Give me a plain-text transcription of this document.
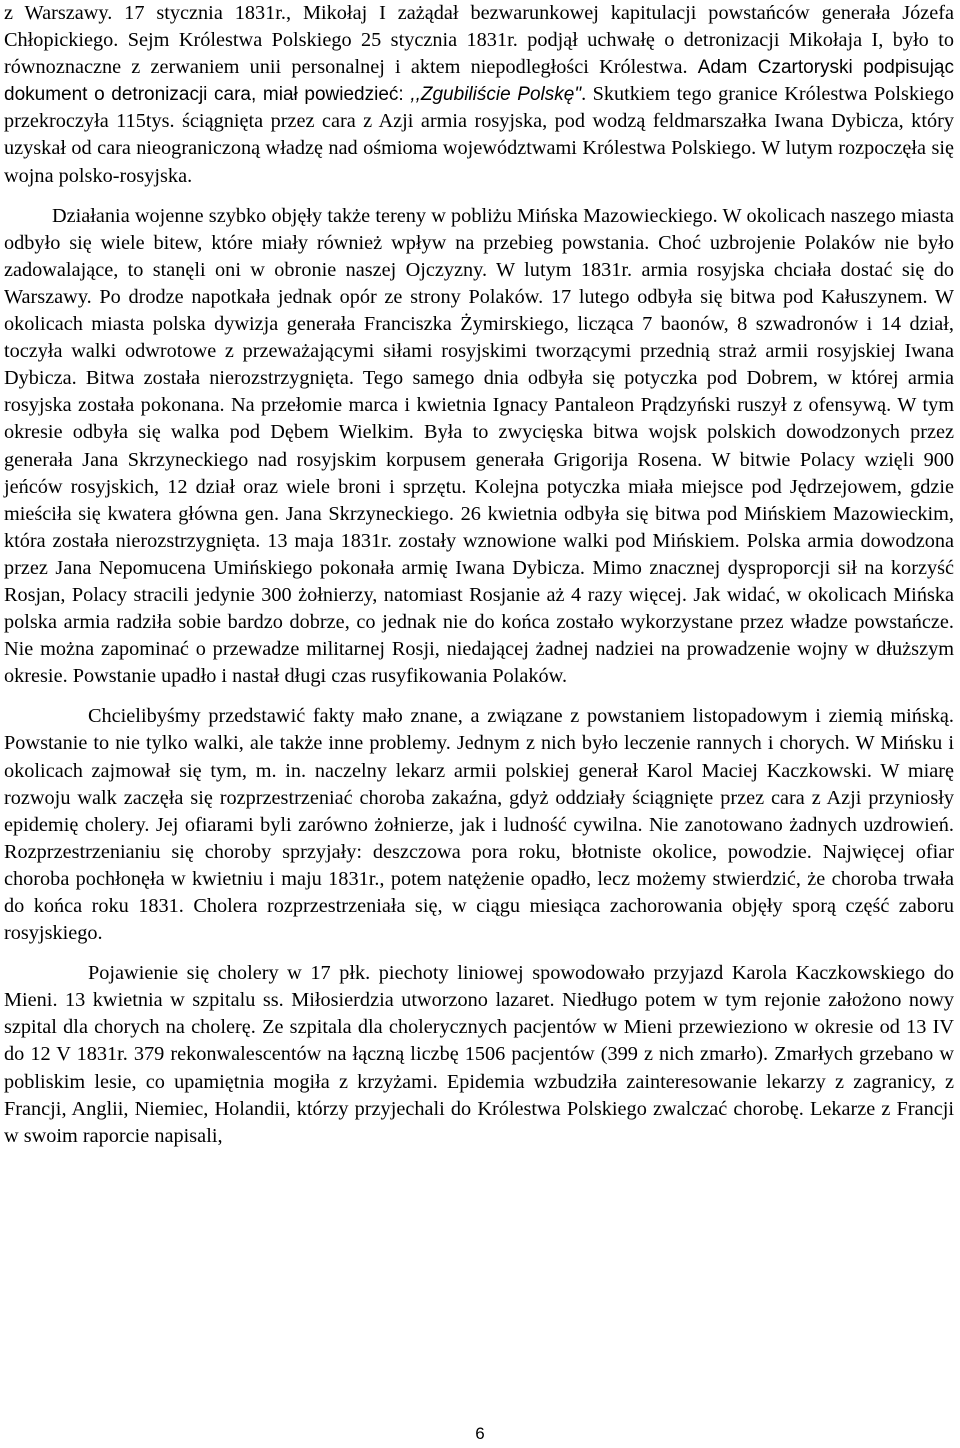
z Warszawy. 17 stycznia 1831r., Mikołaj I zażądał bezwarunkowej kapitulacji powstańców generała Józefa Chłopickiego. Sejm Królestwa Polskiego 25 stycznia 1831r. podjął uchwałę o detronizacji Mikołaja I, było to równoznaczne z zerwaniem unii personalnej i aktem niepodległości Królestwa. Adam Czartoryski podpisując dokument o detronizacji cara, miał powiedzieć: ,,Zgubiliście Polskę". Skutkiem tego granice Królestwa Polskiego przekroczyła 115tys. ściągnięta przez cara z Azji armia rosyjska, pod wodzą feldmarszałka Iwana Dybicza, który uzyskał od cara nieograniczoną władzę nad ośmioma województwami Królestwa Polskiego. W lutym rozpoczęła się wojna polsko-rosyjska.

Działania wojenne szybko objęły także tereny w pobliżu Mińska Mazowieckiego. W okolicach naszego miasta odbyło się wiele bitew, które miały również wpływ na przebieg powstania. Choć uzbrojenie Polaków nie było zadowalające, to stanęli oni w obronie naszej Ojczyzny. W lutym 1831r. armia rosyjska chciała dostać się do Warszawy. Po drodze napotkała jednak opór ze strony Polaków. 17 lutego odbyła się bitwa pod Kałuszynem. W okolicach miasta polska dywizja generała Franciszka Żymirskiego, licząca 7 baonów, 8 szwadronów i 14 dział, toczyła walki odwrotowe z przeważającymi siłami rosyjskimi tworzącymi przednią straż armii rosyjskiej Iwana Dybicza. Bitwa została nierozstrzygnięta. Tego samego dnia odbyła się potyczka pod Dobrem, w której armia rosyjska została pokonana. Na przełomie marca i kwietnia Ignacy Pantaleon Prądzyński ruszył z ofensywą. W tym okresie odbyła się walka pod Dębem Wielkim. Była to zwycięska bitwa wojsk polskich dowodzonych przez generała Jana Skrzyneckiego nad rosyjskim korpusem generała Grigorija Rosena. W bitwie Polacy wzięli 900 jeńców rosyjskich, 12 dział oraz wiele broni i sprzętu. Kolejna potyczka miała miejsce pod Jędrzejowem, gdzie mieściła się kwatera główna gen. Jana Skrzyneckiego. 26 kwietnia odbyła się bitwa pod Mińskiem Mazowieckim, która została nierozstrzygnięta. 13 maja 1831r. zostały wznowione walki pod Mińskiem. Polska armia dowodzona przez Jana Nepomucena Umińskiego pokonała armię Iwana Dybicza. Mimo znacznej dysproporcji sił na korzyść Rosjan, Polacy stracili jedynie 300 żołnierzy, natomiast Rosjanie aż 4 razy więcej. Jak widać, w okolicach Mińska polska armia radziła sobie bardzo dobrze, co jednak nie do końca zostało wykorzystane przez władze powstańcze. Nie można zapominać o przewadze militarnej Rosji, niedającej żadnej nadziei na prowadzenie wojny w dłuższym okresie. Powstanie upadło i nastał długi czas rusyfikowania Polaków.

Chcielibyśmy przedstawić fakty mało znane, a związane z powstaniem listopadowym i ziemią mińską. Powstanie to nie tylko walki, ale także inne problemy. Jednym z nich było leczenie rannych i chorych. W Mińsku i okolicach zajmował się tym, m. in. naczelny lekarz armii polskiej generał Karol Maciej Kaczkowski. W miarę rozwoju walk zaczęła się rozprzestrzeniać choroba zakaźna, gdyż oddziały ściągnięte przez cara z Azji przyniosły epidemię cholery. Jej ofiarami byli zarówno żołnierze, jak i ludność cywilna. Nie zanotowano żadnych uzdrowień. Rozprzestrzenianiu się choroby sprzyjały: deszczowa pora roku, błotniste okolice, powodzie. Najwięcej ofiar choroba pochłonęła w kwietniu i maju 1831r., potem natężenie opadło, lecz możemy stwierdzić, że choroba trwała do końca roku 1831. Cholera rozprzestrzeniała się, w ciągu miesiąca zachorowania objęły sporą część zaboru rosyjskiego.

Pojawienie się cholery w 17 płk. piechoty liniowej spowodowało przyjazd Karola Kaczkowskiego do Mieni. 13 kwietnia w szpitalu ss. Miłosierdzia utworzono lazaret. Niedługo potem w tym rejonie założono nowy szpital dla chorych na cholerę. Ze szpitala dla cholerycznych pacjentów w Mieni przewieziono w okresie od 13 IV do 12 V 1831r. 379 rekonwalescentów na łączną liczbę 1506 pacjentów (399 z nich zmarło). Zmarłych grzebano w pobliskim lesie, co upamiętnia mogiła z krzyżami. Epidemia wzbudziła zainteresowanie lekarzy z zagranicy, z Francji, Anglii, Niemiec, Holandii, którzy przyjechali do Królestwa Polskiego zwalczać chorobę. Lekarze z Francji w swoim raporcie napisali,

6
